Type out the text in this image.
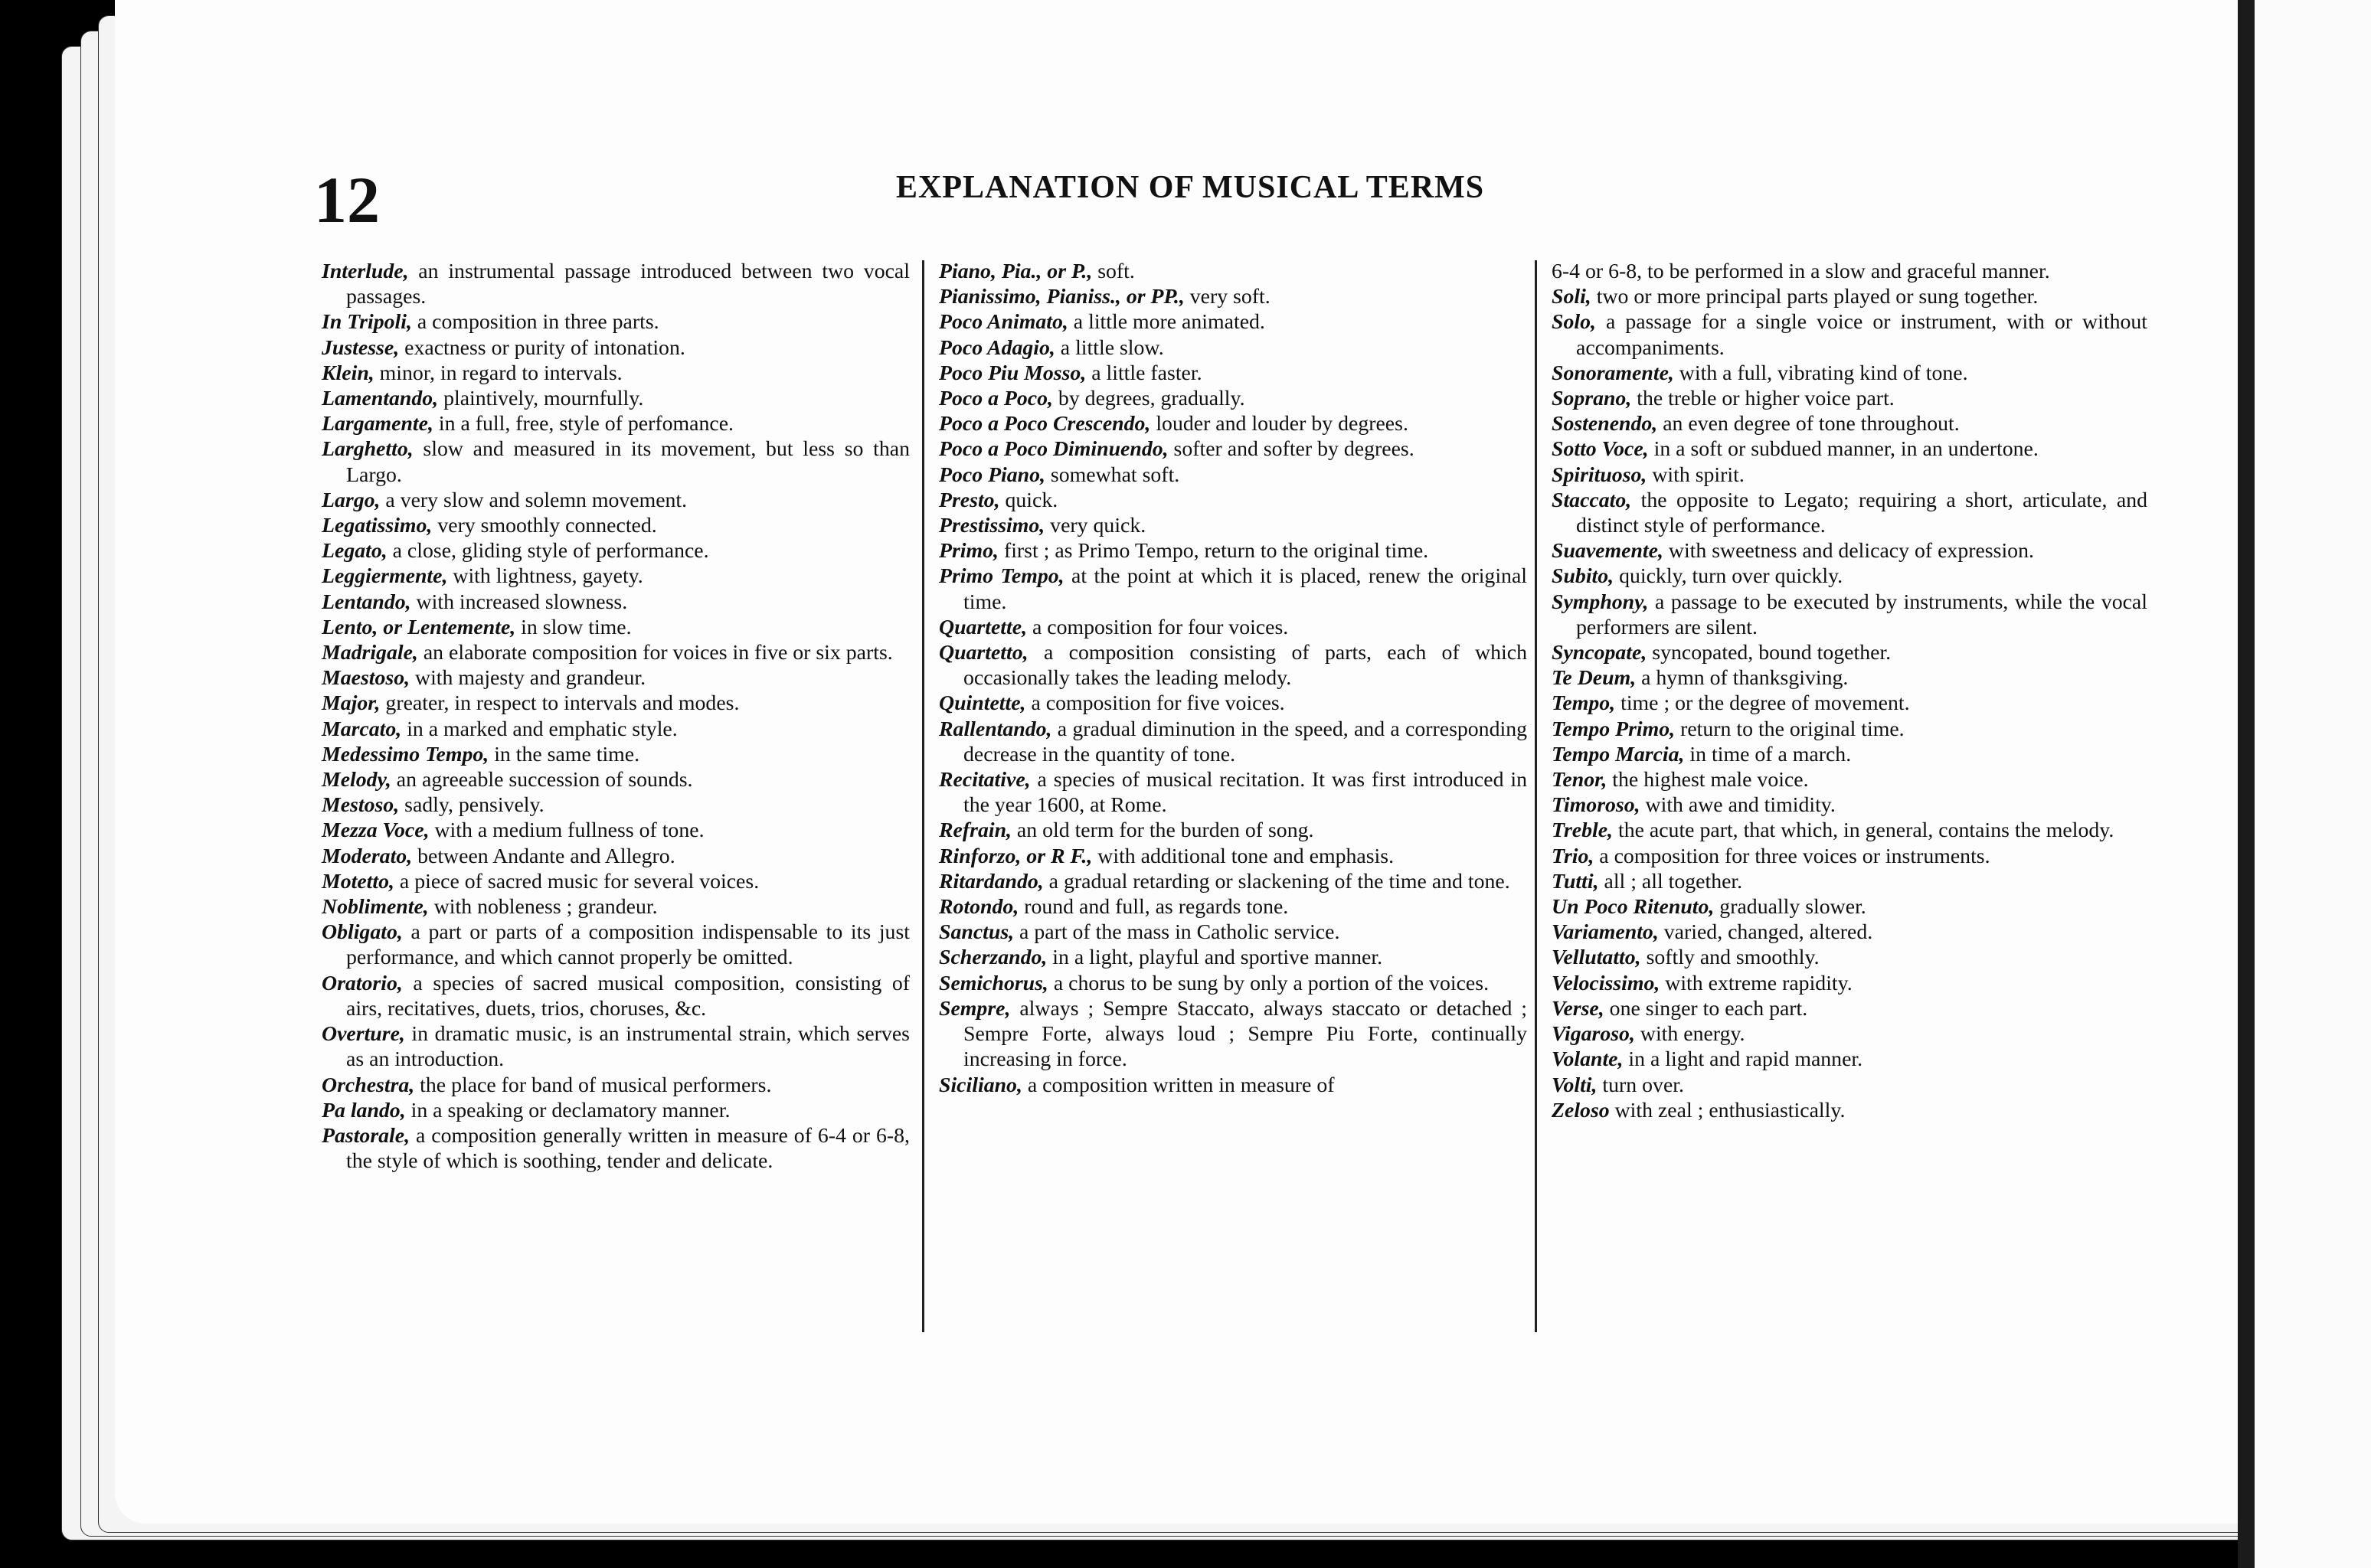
12	EXPLANATION OF MUSICAL TERMS
Interlude, an instrumental passage introduced between two vocal passages.
In Tripoli, a composition in three parts.
Justesse, exactness or purity of intonation.
Klein, minor, in regard to intervals.
Lamentando, plaintively, mournfully.
Largamente, in a full, free, style of perfomance.
Larghetto, slow and measured in its movement, but less so than Largo.
Largo, a very slow and solemn movement.
Legatissimo, very smoothly connected.
Legato, a close, gliding style of performance.
Leggiermente, with lightness, gayety.
Lentando, with increased slowness.
Lento, or Lentemente, in slow time.
Madrigale, an elaborate composition for voices in five or six parts.
Maestoso, with majesty and grandeur.
Major, greater, in respect to intervals and modes.
Marcato, in a marked and emphatic style.
Medessimo Tempo, in the same time.
Melody, an agreeable succession of sounds.
Mestoso, sadly, pensively.
Mezza Voce, with a medium fullness of tone.
Moderato, between Andante and Allegro.
Motetto, a piece of sacred music for several voices.
Noblimente, with nobleness ; grandeur.
Obligato, a part or parts of a composition indispensable to its just performance, and which cannot properly be omitted.
Oratorio, a species of sacred musical composition, consisting of airs, recitatives, duets, trios, choruses, &c.
Overture, in dramatic music, is an instrumental strain, which serves as an introduction.
Orchestra, the place for band of musical performers.
Pa lando, in a speaking or declamatory manner.
Pastorale, a composition generally written in measure of 6-4 or 6-8, the style of which is soothing, tender and delicate.
Piano, Pia., or P., soft.
Pianissimo, Pianiss., or PP., very soft.
Poco Animato, a little more animated.
Poco Adagio, a little slow.
Poco Piu Mosso, a little faster.
Poco a Poco, by degrees, gradually.
Poco a Poco Crescendo, louder and louder by degrees.
Poco a Poco Diminuendo, softer and softer by degrees.
Poco Piano, somewhat soft.
Presto, quick.
Prestissimo, very quick.
Primo, first ; as Primo Tempo, return to the original time.
Primo Tempo, at the point at which it is placed, renew the original time.
Quartette, a composition for four voices.
Quartetto, a composition consisting of parts, each of which occasionally takes the leading melody.
Quintette, a composition for five voices.
Rallentando, a gradual diminution in the speed, and a corresponding decrease in the quantity of tone.
Recitative, a species of musical recitation. It was first introduced in the year 1600, at Rome.
Refrain, an old term for the burden of song.
Rinforzo, or R F., with additional tone and emphasis.
Ritardando, a gradual retarding or slackening of the time and tone.
Rotondo, round and full, as regards tone.
Sanctus, a part of the mass in Catholic service.
Scherzando, in a light, playful and sportive manner.
Semichorus, a chorus to be sung by only a portion of the voices.
Sempre, always ; Sempre Staccato, always staccato or detached ; Sempre Forte, always loud ; Sempre Piu Forte, continually increasing in force.
Siciliano, a composition written in measure of
6-4 or 6-8, to be performed in a slow and graceful manner.
Soli, two or more principal parts played or sung together.
Solo, a passage for a single voice or instrument, with or without accompaniments.
Sonoramente, with a full, vibrating kind of tone.
Soprano, the treble or higher voice part.
Sostenendo, an even degree of tone throughout.
Sotto Voce, in a soft or subdued manner, in an undertone.
Spirituoso, with spirit.
Staccato, the opposite to Legato; requiring a short, articulate, and distinct style of performance.
Suavemente, with sweetness and delicacy of expression.
Subito, quickly, turn over quickly.
Symphony, a passage to be executed by instruments, while the vocal performers are silent.
Syncopate, syncopated, bound together.
Te Deum, a hymn of thanksgiving.
Tempo, time ; or the degree of movement.
Tempo Primo, return to the original time.
Tempo Marcia, in time of a march.
Tenor, the highest male voice.
Timoroso, with awe and timidity.
Treble, the acute part, that which, in general, contains the melody.
Trio, a composition for three voices or instruments.
Tutti, all ; all together.
Un Poco Ritenuto, gradually slower.
Variamento, varied, changed, altered.
Vellutatto, softly and smoothly.
Velocissimo, with extreme rapidity.
Verse, one singer to each part.
Vigaroso, with energy.
Volante, in a light and rapid manner.
Volti, turn over.
Zeloso with zeal ; enthusiastically.
